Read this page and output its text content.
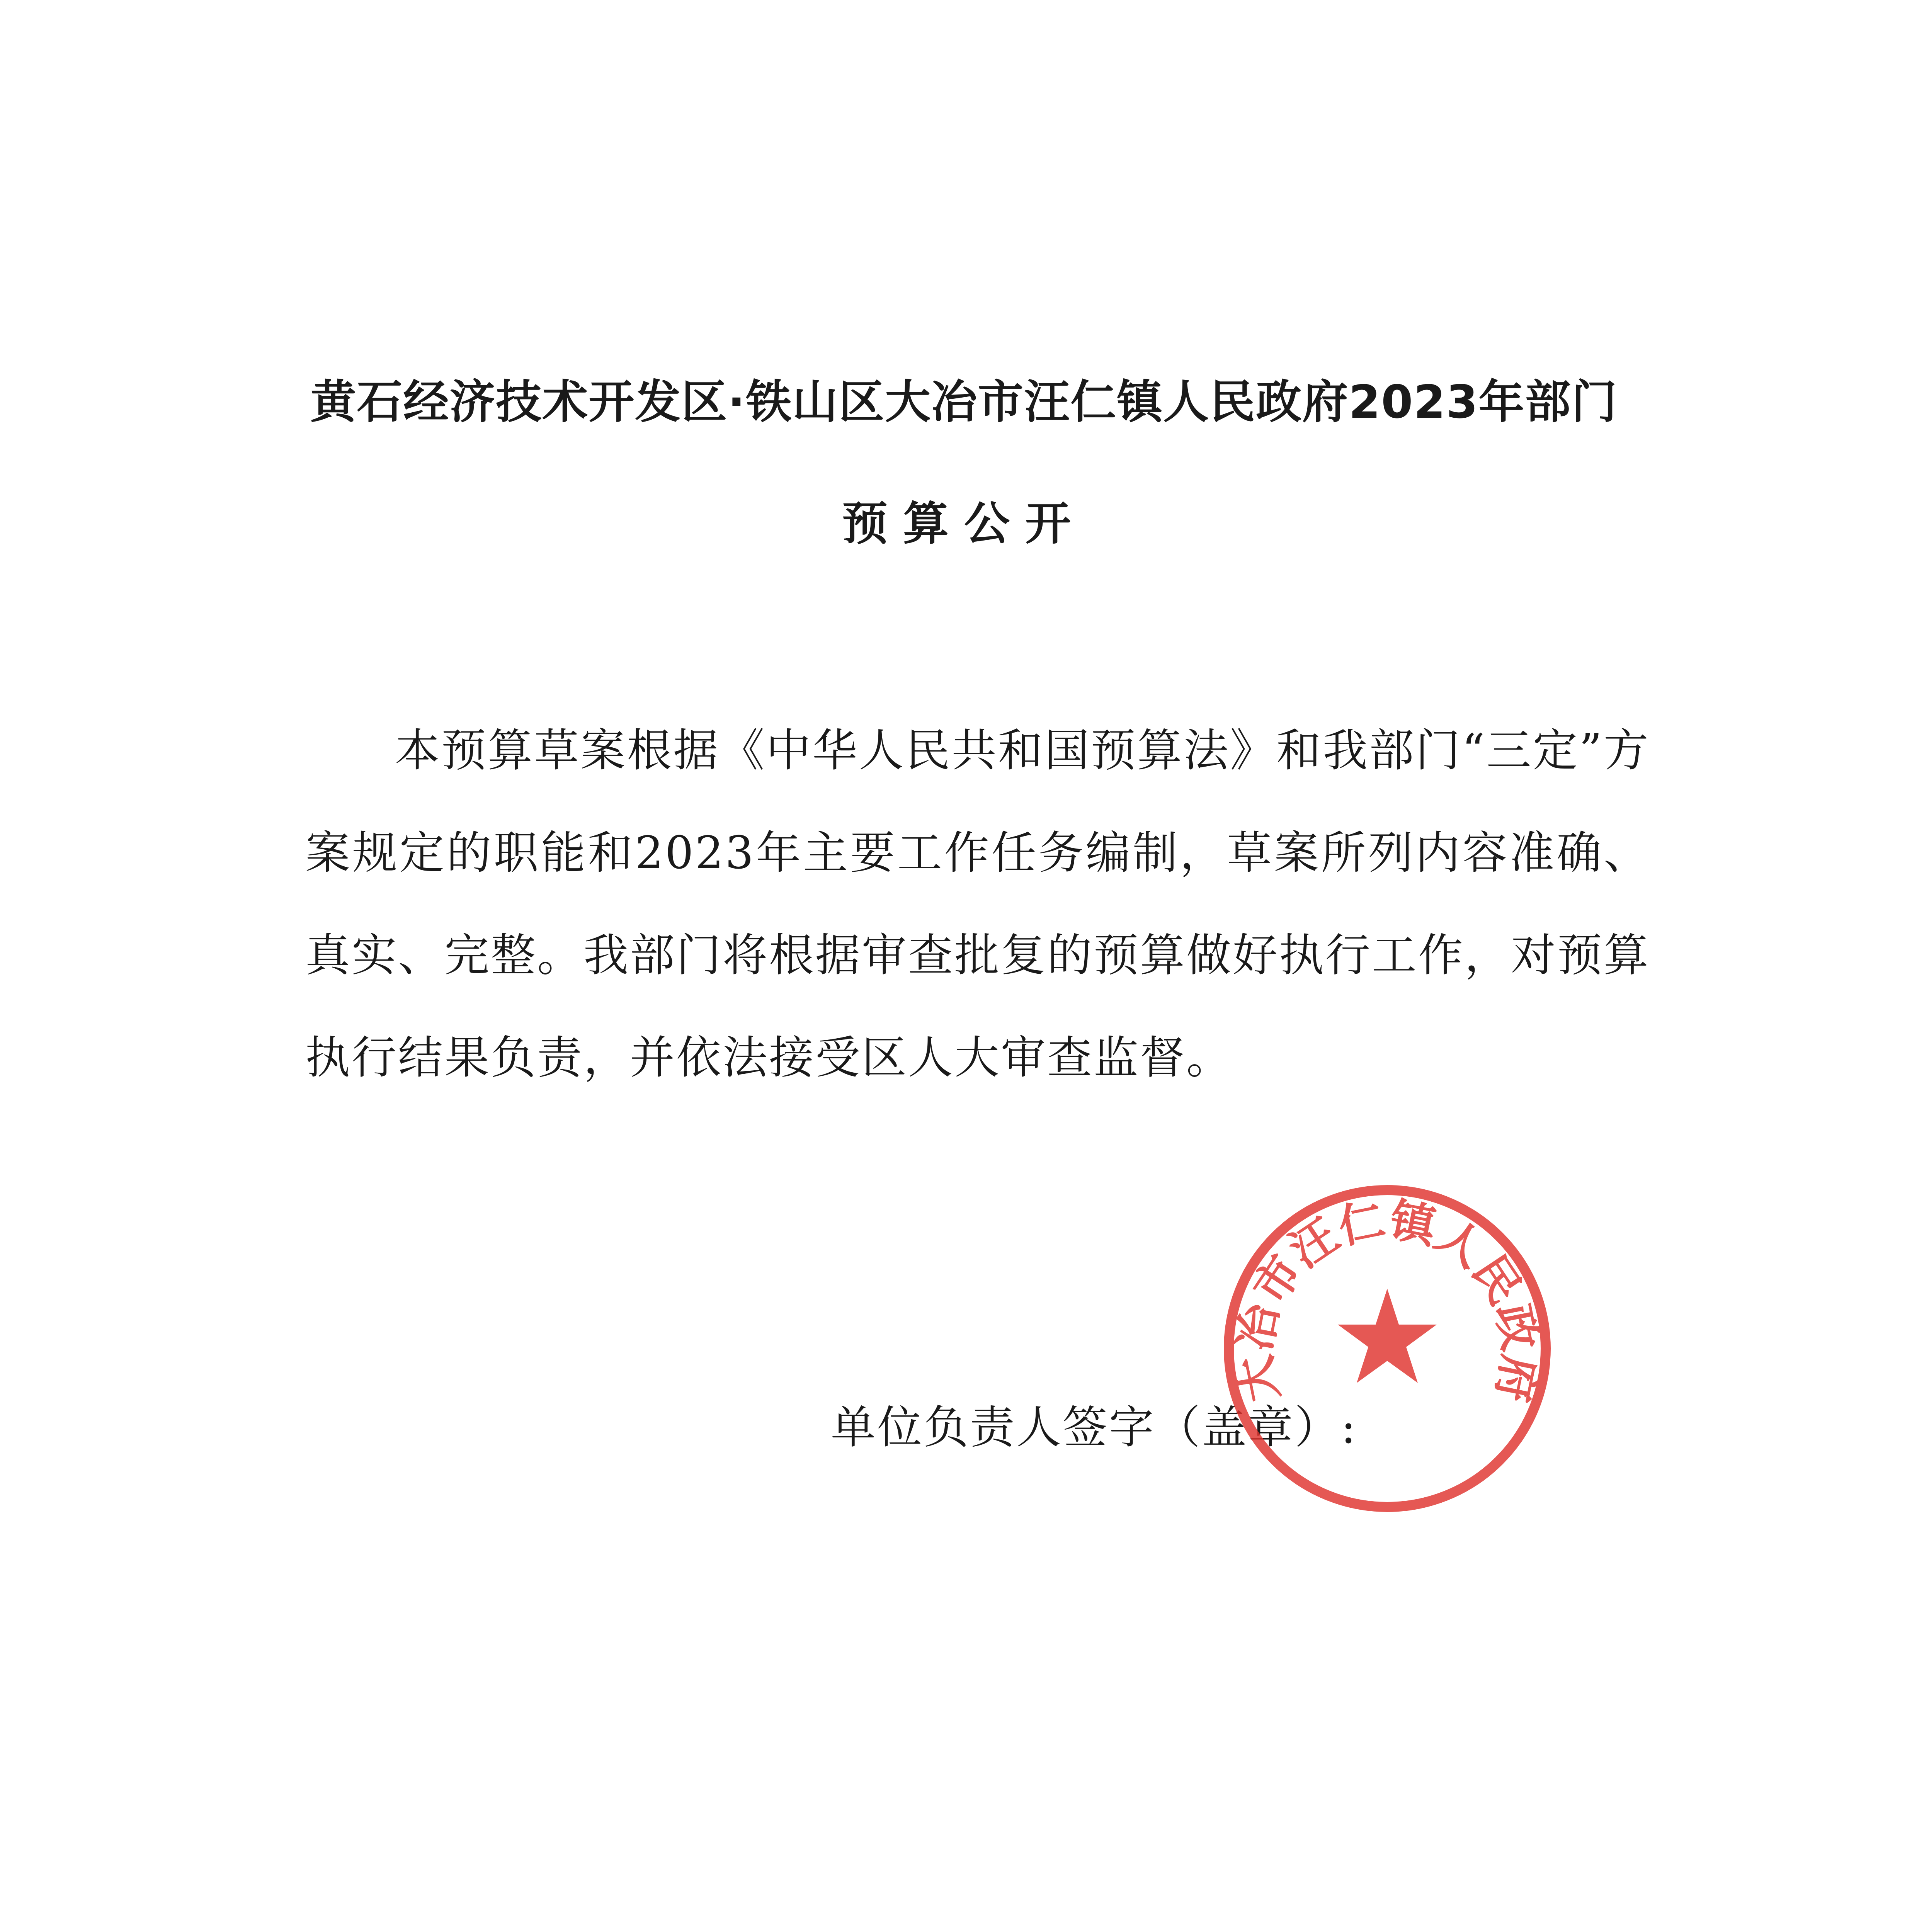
黄石经济技术开发区·铁山区大冶市汪仁镇人民政府2023年部门
预算公开
本预算草案根据《中华人民共和国预算法》和我部门“三定”方案规定的职能和2023年主要工作任务编制，草案所列内容准确、真实、完整。我部门将根据审查批复的预算做好执行工作，对预算执行结果负责，并依法接受区人大审查监督。
单位负责人签字（盖章）:
大冶市汪仁镇人民政府
